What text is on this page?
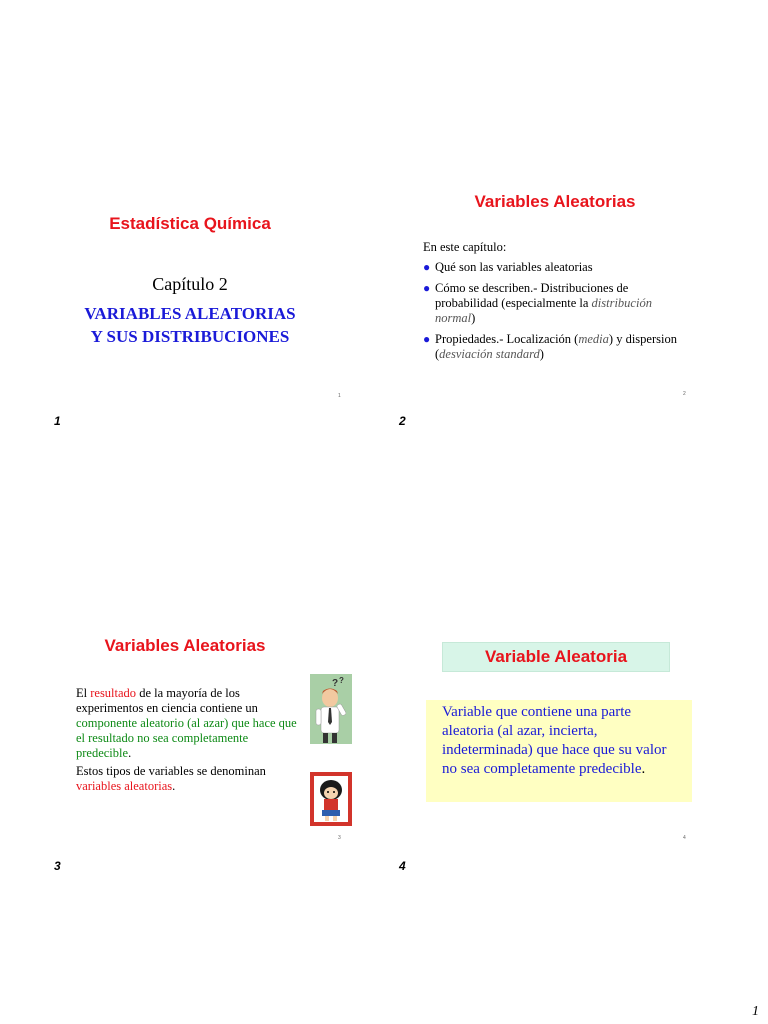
Estadística Química
Capítulo 2
VARIABLES ALEATORIAS
Y SUS DISTRIBUCIONES
1
1
Variables Aleatorias
En este capítulo:
● Qué son las variables aleatorias
● Cómo se describen.- Distribuciones de probabilidad (especialmente la distribución normal)
● Propiedades.- Localización (media) y dispersion (desviación standard)
2
2
Variables Aleatorias
El resultado de la mayoría de los experimentos en ciencia contiene un componente aleatorio (al azar) que hace que el resultado no sea completamente predecible.
Estos tipos de variables se denominan variables aleatorias.
? ?
3
3
Variable Aleatoria
Variable que contiene una parte aleatoria (al azar, incierta, indeterminada) que hace que su valor no sea completamente predecible.
4
4
1
